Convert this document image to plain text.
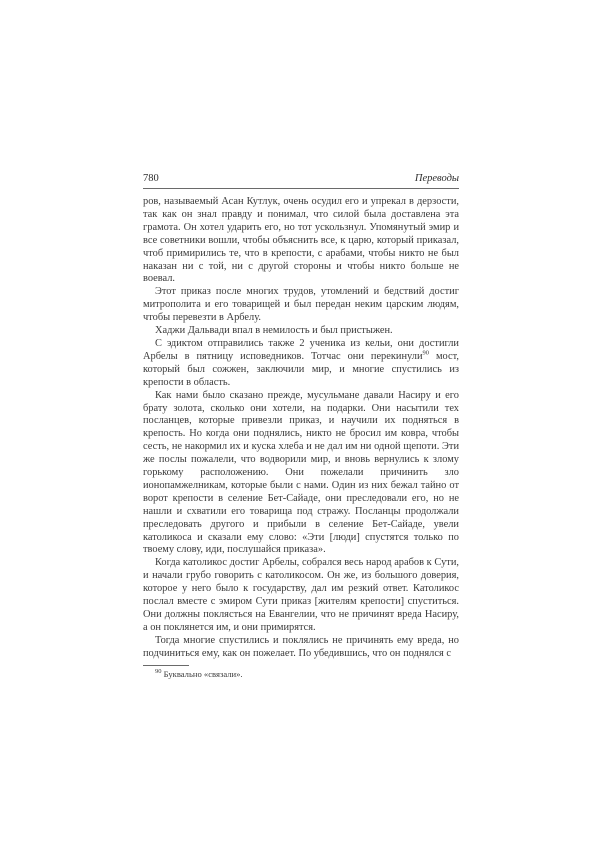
780	Переводы

ров, называемый Асан Кутлук, очень осудил его и упрекал в дерзости, так как он знал правду и понимал, что силой была доставлена эта грамота. Он хотел ударить его, но тот ускользнул. Упомянутый эмир и все советники вошли, чтобы объяснить все, к царю, который приказал, чтоб примирились те, что в крепости, с арабами, чтобы никто не был наказан ни с той, ни с другой стороны и чтобы никто больше не воевал.

Этот приказ после многих трудов, утомлений и бедствий достиг митрополита и его товарищей и был передан неким царским людям, чтобы перевезти в Арбелу.

Хаджи Дальвади впал в немилость и был пристыжен.

С эдиктом отправились также 2 ученика из кельи, они достигли Арбелы в пятницу исповедников. Тотчас они перекинули$^{90}$ мост, который был сожжен, заключили мир, и многие спустились из крепости в область.

Как нами было сказано прежде, мусульмане давали Насиру и его брату золота, сколько они хотели, на подарки. Они насытили тех посланцев, которые привезли приказ, и научили их подняться в крепость. Но когда они поднялись, никто не бросил им ковра, чтобы сесть, не накормил их и куска хлеба и не дал им ни одной щепоти. Эти же послы пожалели, что водворили мир, и вновь вернулись к злому горькому расположению. Они пожелали причинить зло ионопамжелникам, которые были с нами. Один из них бежал тайно от ворот крепости в селение Бет-Сайаде, они преследовали его, но не нашли и схватили его товарища под стражу. Посланцы продолжали преследовать другого и прибыли в селение Бет-Сайаде, увели католикоса и сказали ему слово: «Эти [люди] спустятся только по твоему слову, иди, послушайся приказа».

Когда католикос достиг Арбелы, собрался весь народ арабов к Сути, и начали грубо говорить с католикосом. Он же, из большого доверия, которое у него было к государству, дал им резкий ответ. Католикос послал вместе с эмиром Сути приказ [жителям крепости] спуститься. Они должны поклясться на Евангелии, что не причинят вреда Насиру, а он поклянется им, и они примирятся.

Тогда многие спустились и поклялись не причинять ему вреда, но подчиниться ему, как он пожелает. По убедившись, что он поднялся с

$^{90}$ Буквально «связали».
